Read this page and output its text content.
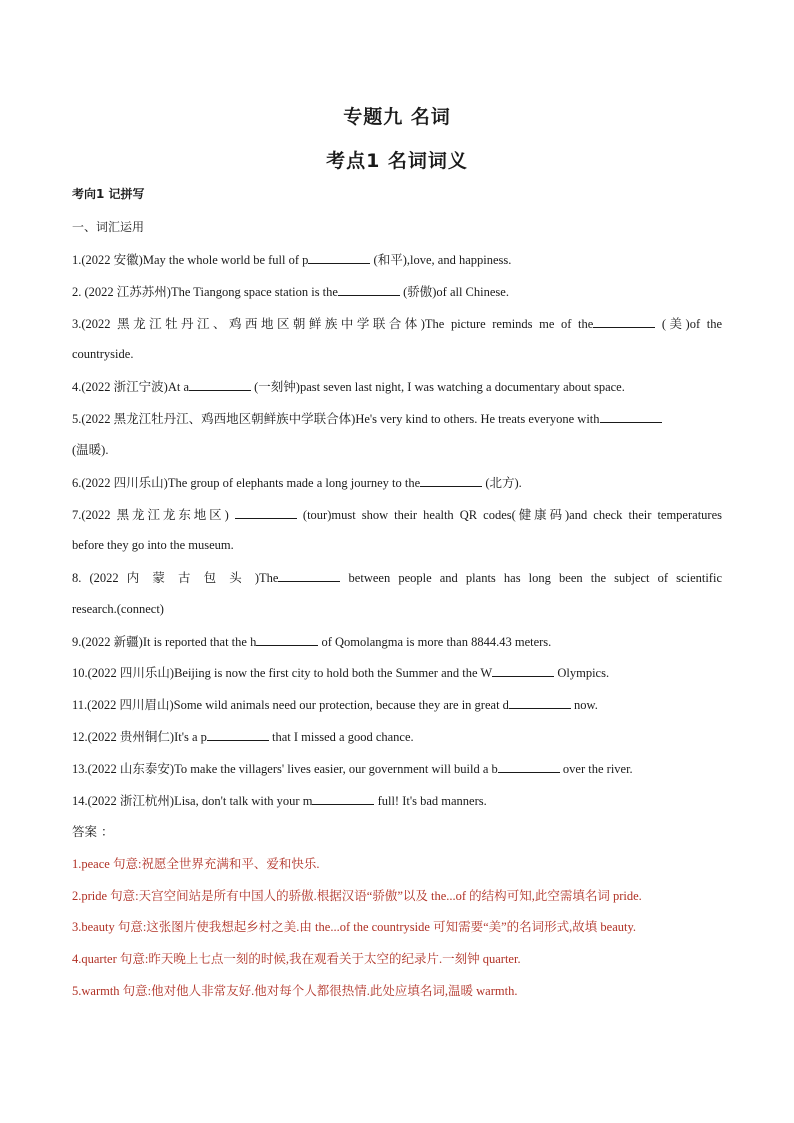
专题九 名词
考点1 名词词义
考向1 记拼写
一、词汇运用
1.(2022 安徽)May the whole world be full of p	(和平),love, and happiness.
2. (2022 江苏苏州)The Tiangong space station is the	(骄傲)of all Chinese.
3.(2022 黑龙江牡丹江、鸡西地区朝鲜族中学联合体)The picture reminds me of the	(美)of the
countryside.
4.(2022 浙江宁波)At a	(一刻钟)past seven last night, I was watching a documentary about space.
5.(2022 黑龙江牡丹江、鸡西地区朝鲜族中学联合体)He's very kind to others. He treats everyone with
(温暖).
6.(2022 四川乐山)The group of elephants made a long journey to the	(北方).
7.(2022 黑龙江龙东地区)	(tour)must show their health QR codes(健康码)and check their temperatures
before they go into the museum.
8. (2022 内 蒙 古 包 头 )The	between people and plants has long been the subject of scientific
research.(connect)
9.(2022 新疆)It is reported that the h	of Qomolangma is more than 8844.43 meters.
10.(2022 四川乐山)Beijing is now the first city to hold both the Summer and the W	Olympics.
11.(2022 四川眉山)Some wild animals need our protection, because they are in great d	now.
12.(2022 贵州铜仁)It's a p	that I missed a good chance.
13.(2022 山东泰安)To make the villagers' lives easier, our government will build a b	over the river.
14.(2022 浙江杭州)Lisa, don't talk with your m	full! It's bad manners.
答案 ：
1.peace 句意:祝愿全世界充满和平、爱和快乐.
2.pride 句意:天宫空间站是所有中国人的骄傲.根据汉语“骄傲”以及 the...of 的结构可知,此空需填名词 pride.
3.beauty 句意:这张图片使我想起乡村之美.由 the...of the countryside 可知需要“美”的名词形式,故填 beauty.
4.quarter 句意:昨天晚上七点一刻的时候,我在观看关于太空的纪录片.一刻钟 quarter.
5.warmth 句意:他对他人非常友好.他对每个人都很热情.此处应填名词,温暖 warmth.
